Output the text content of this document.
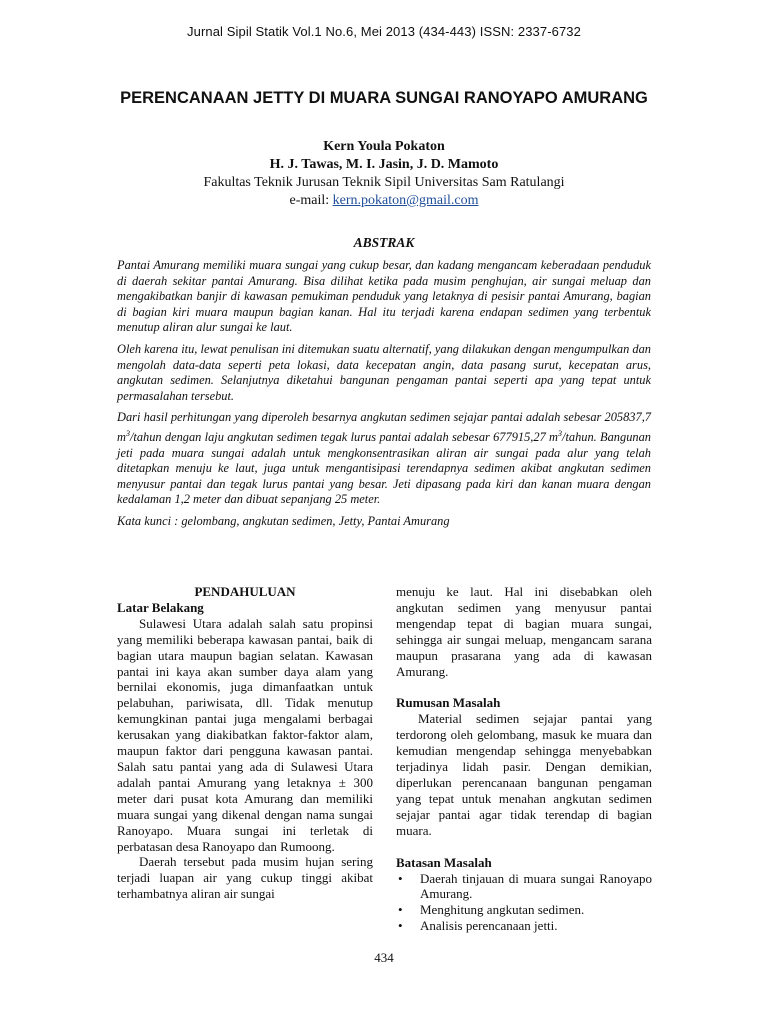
Jurnal Sipil Statik Vol.1 No.6, Mei 2013 (434-443) ISSN: 2337-6732
PERENCANAAN JETTY DI MUARA SUNGAI RANOYAPO AMURANG
Kern Youla Pokaton
H. J. Tawas, M. I. Jasin, J. D. Mamoto
Fakultas Teknik Jurusan Teknik Sipil Universitas Sam Ratulangi
e-mail: kern.pokaton@gmail.com
ABSTRAK

Pantai Amurang memiliki muara sungai yang cukup besar, dan kadang mengancam keberadaan penduduk di daerah sekitar pantai Amurang. Bisa dilihat ketika pada musim penghujan, air sungai meluap dan mengakibatkan banjir di kawasan pemukiman penduduk yang letaknya di pesisir pantai Amurang, bagian di bagian kiri muara maupun bagian kanan. Hal itu terjadi karena endapan sedimen yang terbentuk menutup aliran alur sungai ke laut.

Oleh karena itu, lewat penulisan ini ditemukan suatu alternatif, yang dilakukan dengan mengumpulkan dan mengolah data-data seperti peta lokasi, data kecepatan angin, data pasang surut, kecepatan arus, angkutan sedimen. Selanjutnya diketahui bangunan pengaman pantai seperti apa yang tepat untuk permasalahan tersebut.

Dari hasil perhitungan yang diperoleh besarnya angkutan sedimen sejajar pantai adalah sebesar 205837,7 $m^3$/tahun dengan laju angkutan sedimen tegak lurus pantai adalah sebesar 677915,27 $m^3$/tahun. Bangunan jeti pada muara sungai adalah untuk mengkonsentrasikan aliran air sungai pada alur yang telah ditetapkan menuju ke laut, juga untuk mengantisipasi terendapnya sedimen akibat angkutan sedimen menyusur pantai dan tegak lurus pantai yang besar. Jeti dipasang pada kiri dan kanan muara dengan kedalaman 1,2 meter dan dibuat sepanjang 25 meter.

Kata kunci : gelombang, angkutan sedimen, Jetty, Pantai Amurang

PENDAHULUAN

Latar Belakang

Sulawesi Utara adalah salah satu propinsi yang memiliki beberapa kawasan pantai, baik di bagian utara maupun bagian selatan. Kawasan pantai ini kaya akan sumber daya alam yang bernilai ekonomis, juga dimanfaatkan untuk pelabuhan, pariwisata, dll. Tidak menutup kemungkinan pantai juga mengalami berbagai kerusakan yang diakibatkan faktor-faktor alam, maupun faktor dari pengguna kawasan pantai. Salah satu pantai yang ada di Sulawesi Utara adalah pantai Amurang yang letaknya ± 300 meter dari pusat kota Amurang dan memiliki muara sungai yang dikenal dengan nama sungai Ranoyapo. Muara sungai ini terletak di perbatasan desa Ranoyapo dan Rumoong.

Daerah tersebut pada musim hujan sering terjadi luapan air yang cukup tinggi akibat terhambatnya aliran air sungai

menuju ke laut. Hal ini disebabkan oleh angkutan sedimen yang menyusur pantai mengendap tepat di bagian muara sungai, sehingga air sungai meluap, mengancam sarana maupun prasarana yang ada di kawasan Amurang.

Rumusan Masalah

Material sedimen sejajar pantai yang terdorong oleh gelombang, masuk ke muara dan kemudian mengendap sehingga menyebabkan terjadinya lidah pasir. Dengan demikian, diperlukan perencanaan bangunan pengaman yang tepat untuk menahan angkutan sedimen sejajar pantai agar tidak terendap di bagian muara.

Batasan Masalah

• Daerah tinjauan di muara sungai Ranoyapo Amurang.
• Menghitung angkutan sedimen.
• Analisis perencanaan jetti.
434
